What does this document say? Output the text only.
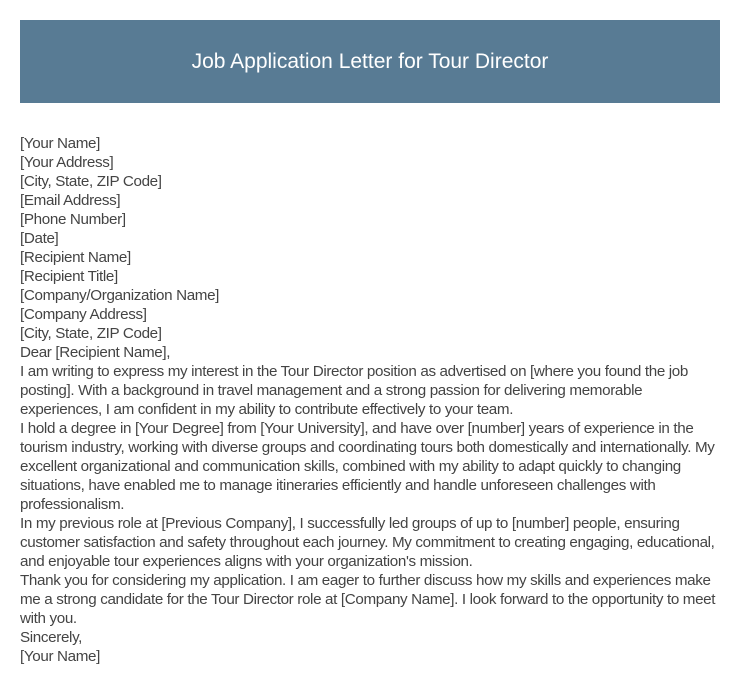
Job Application Letter for Tour Director

[Your Name]

[Your Address]

[City, State, ZIP Code]

[Email Address]

[Phone Number]

[Date]

[Recipient Name]

[Recipient Title]

[Company/Organization Name]

[Company Address]

[City, State, ZIP Code]

Dear [Recipient Name],

I am writing to express my interest in the Tour Director position as advertised on [where you found the job posting]. With a background in travel management and a strong passion for delivering memorable experiences, I am confident in my ability to contribute effectively to your team.

I hold a degree in [Your Degree] from [Your University], and have over [number] years of experience in the tourism industry, working with diverse groups and coordinating tours both domestically and internationally. My excellent organizational and communication skills, combined with my ability to adapt quickly to changing situations, have enabled me to manage itineraries efficiently and handle unforeseen challenges with professionalism.

In my previous role at [Previous Company], I successfully led groups of up to [number] people, ensuring customer satisfaction and safety throughout each journey. My commitment to creating engaging, educational, and enjoyable tour experiences aligns with your organization's mission.

Thank you for considering my application. I am eager to further discuss how my skills and experiences make me a strong candidate for the Tour Director role at [Company Name]. I look forward to the opportunity to meet with you.

Sincerely,

[Your Name]
